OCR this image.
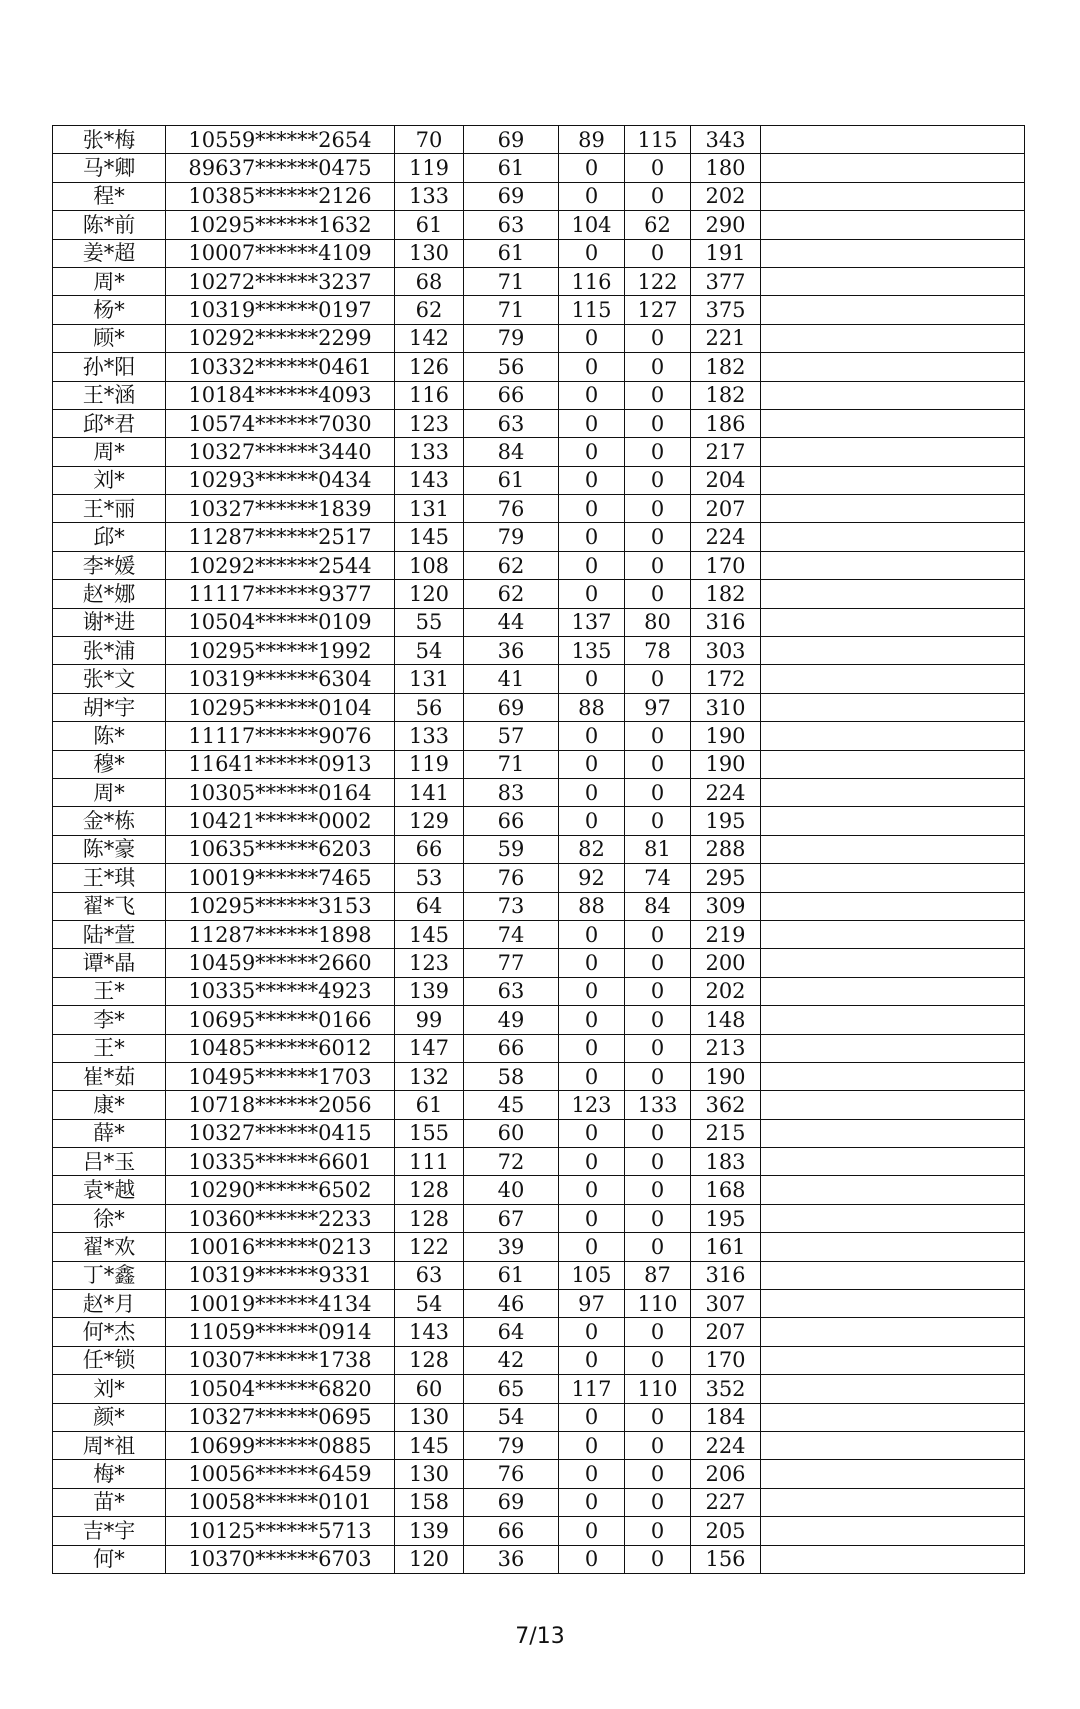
张*梅	10559******2654	70	69	89	115	343	
马*卿	89637******0475	119	61	0	0	180	
程*	10385******2126	133	69	0	0	202	
陈*前	10295******1632	61	63	104	62	290	
姜*超	10007******4109	130	61	0	0	191	
周*	10272******3237	68	71	116	122	377	
杨*	10319******0197	62	71	115	127	375	
顾*	10292******2299	142	79	0	0	221	
孙*阳	10332******0461	126	56	0	0	182	
王*涵	10184******4093	116	66	0	0	182	
邱*君	10574******7030	123	63	0	0	186	
周*	10327******3440	133	84	0	0	217	
刘*	10293******0434	143	61	0	0	204	
王*丽	10327******1839	131	76	0	0	207	
邱*	11287******2517	145	79	0	0	224	
李*媛	10292******2544	108	62	0	0	170	
赵*娜	11117******9377	120	62	0	0	182	
谢*进	10504******0109	55	44	137	80	316	
张*浦	10295******1992	54	36	135	78	303	
张*文	10319******6304	131	41	0	0	172	
胡*宇	10295******0104	56	69	88	97	310	
陈*	11117******9076	133	57	0	0	190	
穆*	11641******0913	119	71	0	0	190	
周*	10305******0164	141	83	0	0	224	
金*栋	10421******0002	129	66	0	0	195	
陈*豪	10635******6203	66	59	82	81	288	
王*琪	10019******7465	53	76	92	74	295	
翟*飞	10295******3153	64	73	88	84	309	
陆*萱	11287******1898	145	74	0	0	219	
谭*晶	10459******2660	123	77	0	0	200	
王*	10335******4923	139	63	0	0	202	
李*	10695******0166	99	49	0	0	148	
王*	10485******6012	147	66	0	0	213	
崔*茹	10495******1703	132	58	0	0	190	
康*	10718******2056	61	45	123	133	362	
薛*	10327******0415	155	60	0	0	215	
吕*玉	10335******6601	111	72	0	0	183	
袁*越	10290******6502	128	40	0	0	168	
徐*	10360******2233	128	67	0	0	195	
翟*欢	10016******0213	122	39	0	0	161	
丁*鑫	10319******9331	63	61	105	87	316	
赵*月	10019******4134	54	46	97	110	307	
何*杰	11059******0914	143	64	0	0	207	
任*锁	10307******1738	128	42	0	0	170	
刘*	10504******6820	60	65	117	110	352	
颜*	10327******0695	130	54	0	0	184	
周*祖	10699******0885	145	79	0	0	224	
梅*	10056******6459	130	76	0	0	206	
苗*	10058******0101	158	69	0	0	227	
吉*宇	10125******5713	139	66	0	0	205	
何*	10370******6703	120	36	0	0	156	
7/13
